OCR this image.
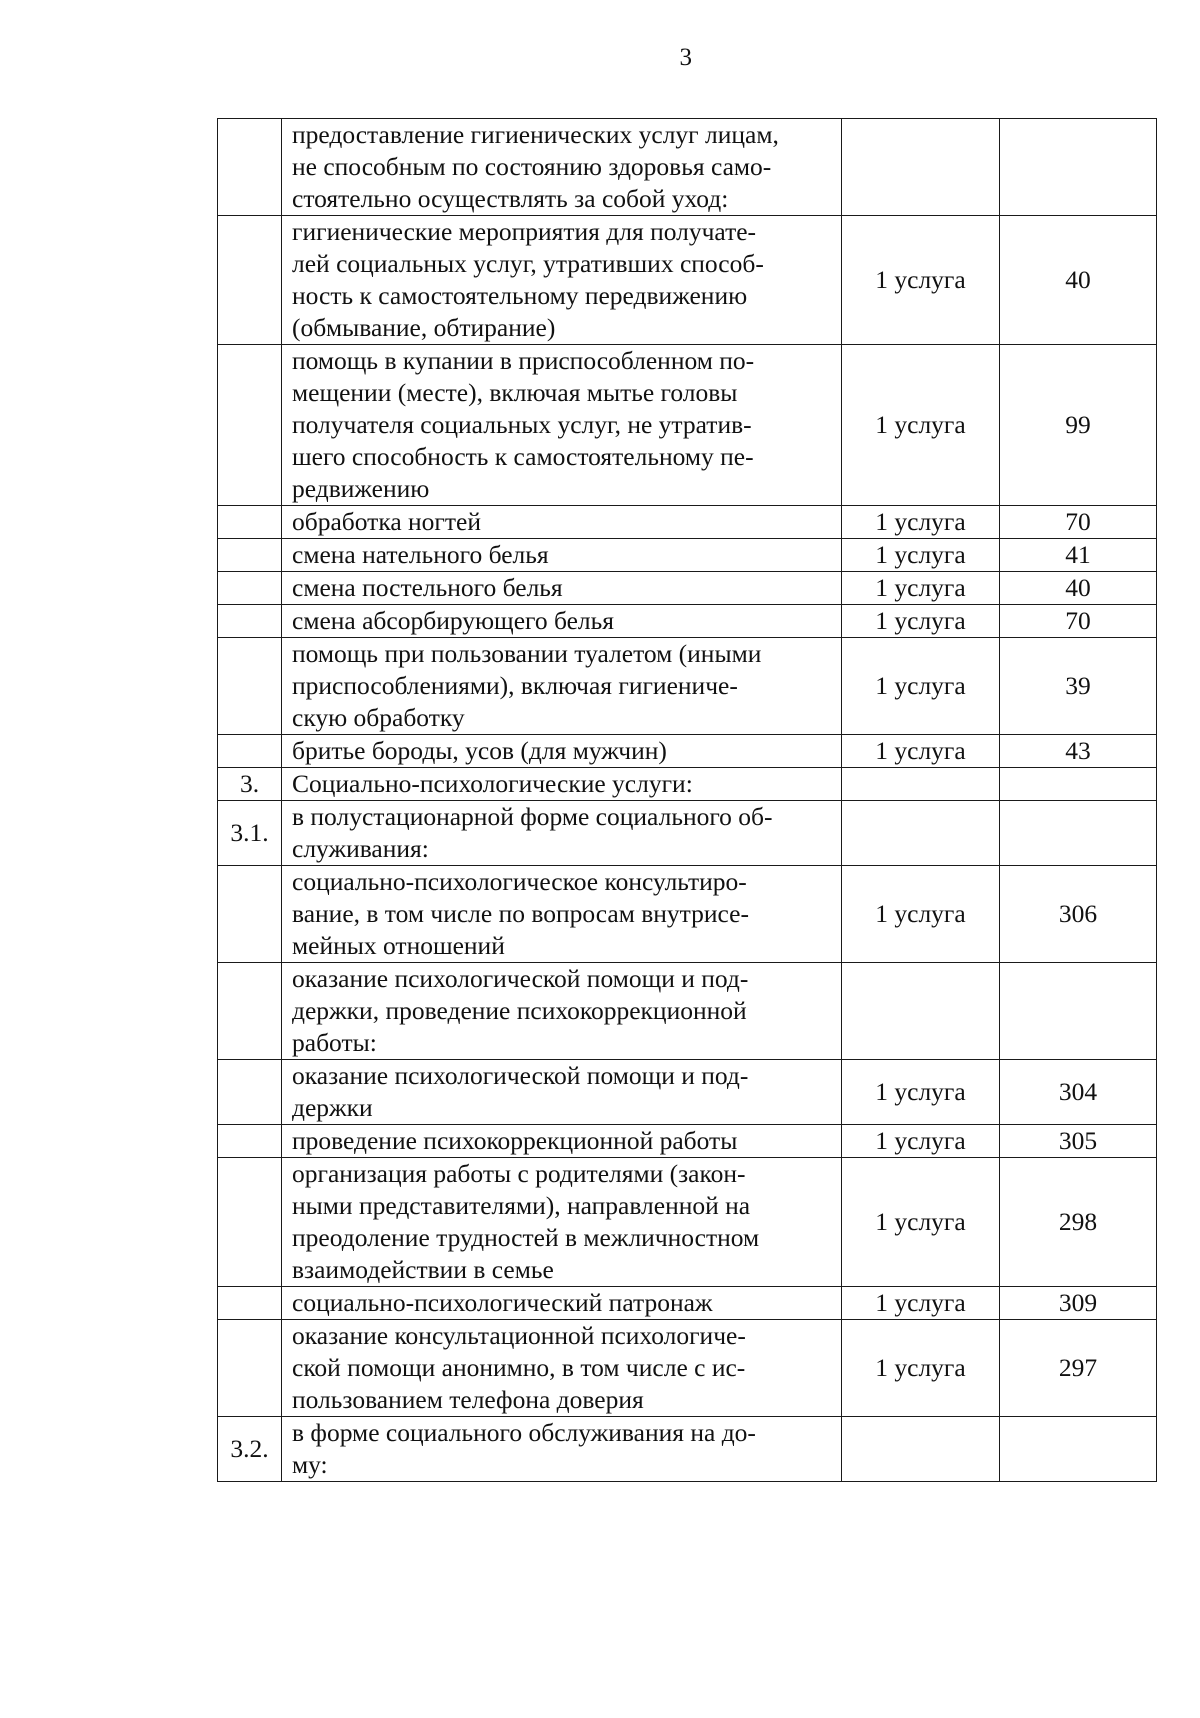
3

	предоставление гигиенических услуг лицам,
не способным по состоянию здоровья само-
стоятельно осуществлять за собой уход:		

	гигиенические мероприятия для получате-
лей социальных услуг, утративших способ-
ность к самостоятельному передвижению
(обмывание, обтирание)	1 услуга	40

	помощь в купании в приспособленном по-
мещении (месте), включая мытье головы
получателя социальных услуг, не утратив-
шего способность к самостоятельному пе-
редвижению	1 услуга	99

	обработка ногтей	1 услуга	70

	смена нательного белья	1 услуга	41

	смена постельного белья	1 услуга	40

	смена абсорбирующего белья	1 услуга	70

	помощь при пользовании туалетом (иными
приспособлениями), включая гигиениче-
скую обработку	1 услуга	39

	бритье бороды, усов (для мужчин)	1 услуга	43
3.	Социально-психологические услуги:		

3.1.	в полустационарной форме социального об-
служивания:		

	социально-психологическое консультиро-
вание, в том числе по вопросам внутрисе-
мейных отношений	1 услуга	306

	оказание психологической помощи и под-
держки, проведение психокоррекционной
работы:		

	оказание психологической помощи и под-
держки	1 услуга	304

	проведение психокоррекционной работы	1 услуга	305

	организация работы с родителями (закон-
ными представителями), направленной на
преодоление трудностей в межличностном
взаимодействии в семье	1 услуга	298

	социально-психологический патронаж	1 услуга	309

	оказание консультационной психологиче-
ской помощи анонимно, в том числе с ис-
пользованием телефона доверия	1 услуга	297
3.2.	в форме социального обслуживания на до-
му:		
